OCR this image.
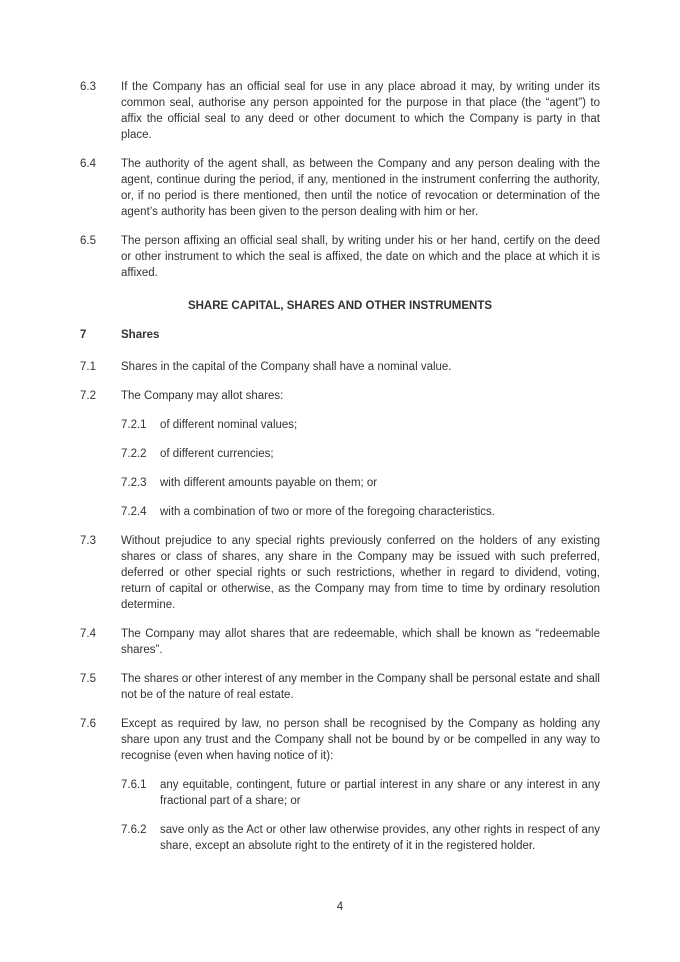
6.3	If the Company has an official seal for use in any place abroad it may, by writing under its common seal, authorise any person appointed for the purpose in that place (the “agent”) to affix the official seal to any deed or other document to which the Company is party in that place.
6.4	The authority of the agent shall, as between the Company and any person dealing with the agent, continue during the period, if any, mentioned in the instrument conferring the authority, or, if no period is there mentioned, then until the notice of revocation or determination of the agent’s authority has been given to the person dealing with him or her.
6.5	The person affixing an official seal shall, by writing under his or her hand, certify on the deed or other instrument to which the seal is affixed, the date on which and the place at which it is affixed.
SHARE CAPITAL, SHARES AND OTHER INSTRUMENTS
7	Shares
7.1	Shares in the capital of the Company shall have a nominal value.
7.2	The Company may allot shares:
7.2.1	of different nominal values;
7.2.2	of different currencies;
7.2.3	with different amounts payable on them; or
7.2.4	with a combination of two or more of the foregoing characteristics.
7.3	Without prejudice to any special rights previously conferred on the holders of any existing shares or class of shares, any share in the Company may be issued with such preferred, deferred or other special rights or such restrictions, whether in regard to dividend, voting, return of capital or otherwise, as the Company may from time to time by ordinary resolution determine.
7.4	The Company may allot shares that are redeemable, which shall be known as “redeemable shares”.
7.5	The shares or other interest of any member in the Company shall be personal estate and shall not be of the nature of real estate.
7.6	Except as required by law, no person shall be recognised by the Company as holding any share upon any trust and the Company shall not be bound by or be compelled in any way to recognise (even when having notice of it):
7.6.1	any equitable, contingent, future or partial interest in any share or any interest in any fractional part of a share; or
7.6.2	save only as the Act or other law otherwise provides, any other rights in respect of any share, except an absolute right to the entirety of it in the registered holder.
4
